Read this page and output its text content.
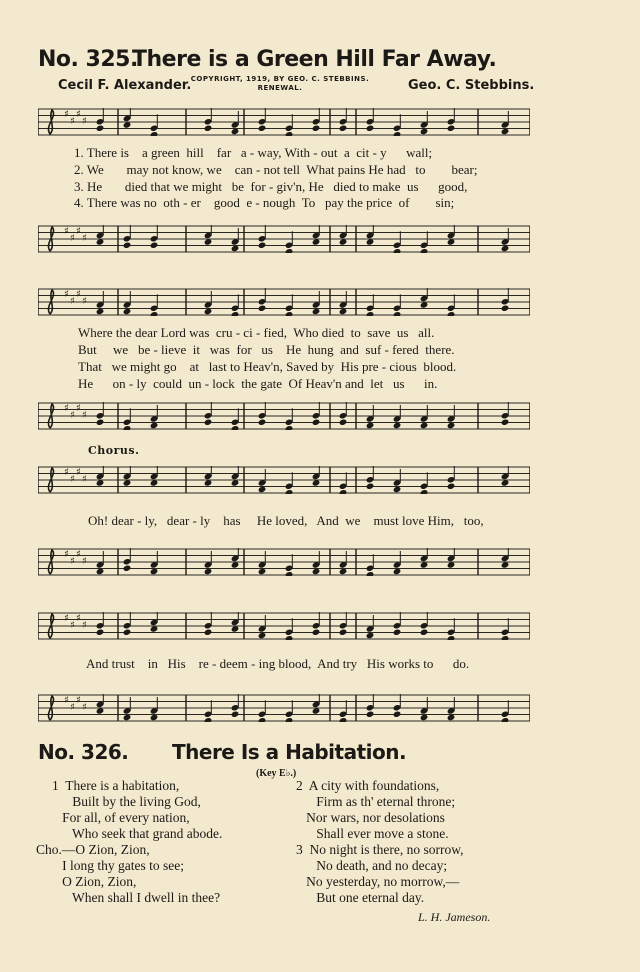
No. 325.
There is a Green Hill Far Away.
Cecil F. Alexander. COPYRIGHT, 1919, BY GEO. C. STEBBINS.
RENEWAL.	Geo. C. Stebbins.
♯
♯
♯
♯
1. There is    a green  hill    far   a - way, With - out  a  cit - y      wall;
2. We       may not know, we    can - not tell  What pains He had   to        bear;
3. He       died that we might   be  for - giv'n, He   died to make  us      good,
4. There was no  oth - er    good  e - nough  To   pay the price  of        sin;
♯
♯
♯
♯
♯
♯
♯
♯
Where the dear Lord was  cru - ci - fied,  Who died  to  save  us   all.
But     we   be - lieve  it   was  for   us    He  hung  and  suf - fered  there.
That   we might go    at   last to Heav'n, Saved by  His pre - cious  blood.
He      on - ly  could  un - lock  the gate  Of Heav'n and  let   us      in.
♯
♯
♯
♯
Chorus.
♯
♯
♯
♯
Oh! dear - ly,   dear - ly    has     He loved,   And  we    must love Him,   too,
♯
♯
♯
♯
♯
♯
♯
♯
And trust    in   His    re - deem - ing blood,  And try   His works to      do.
♯
♯
♯
♯
No. 326. There Is a Habitation.
(Key E♭.)
1  There is a habitation,
Built by the living God,
For all, of every nation,
Who seek that grand abode.
Cho.—O Zion, Zion,
I long thy gates to see;
O Zion, Zion,
When shall I dwell in thee?
2  A city with foundations,
Firm as th' eternal throne;
Nor wars, nor desolations
Shall ever move a stone.
3  No night is there, no sorrow,
No death, and no decay;
No yesterday, no morrow,—
But one eternal day.
L. H. Jameson.
